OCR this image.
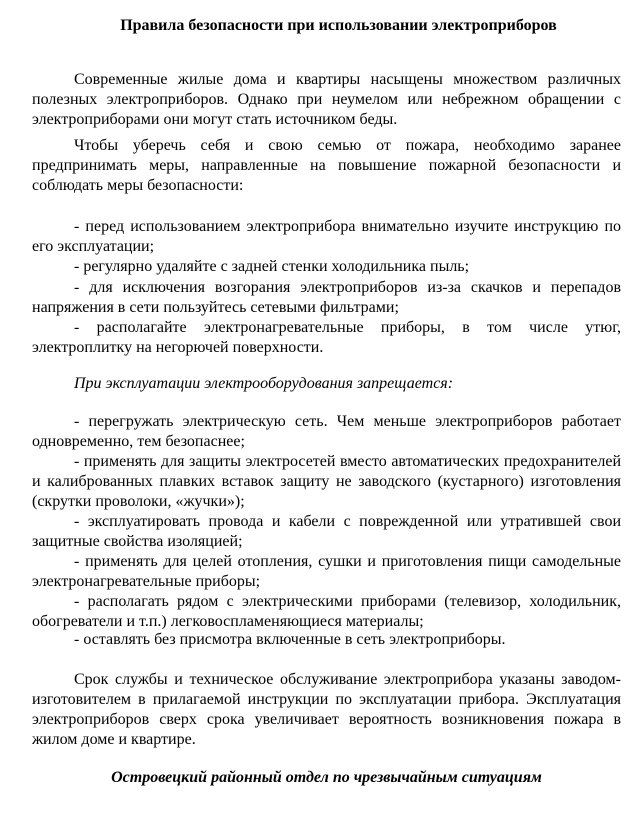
Правила безопасности при использовании электроприборов

Современные жилые дома и квартиры насыщены множеством различных полезных электроприборов. Однако при неумелом или небрежном обращении с электроприборами они могут стать источником беды.

Чтобы уберечь себя и свою семью от пожара, необходимо заранее предпринимать меры, направленные на повышение пожарной безопасности и соблюдать меры безопасности:

- перед использованием электроприбора внимательно изучите инструкцию по его эксплуатации;

- регулярно удаляйте с задней стенки холодильника пыль;

- для исключения возгорания электроприборов из-за скачков и перепадов напряжения в сети пользуйтесь сетевыми фильтрами;

- располагайте электронагревательные приборы, в том числе утюг, электроплитку на негорючей поверхности.

При эксплуатации электрооборудования запрещается:

- перегружать электрическую сеть. Чем меньше электроприборов работает одновременно, тем безопаснее;

- применять для защиты электросетей вместо автоматических предохранителей и калиброванных плавких вставок защиту не заводского (кустарного) изготовления (скрутки проволоки, «жучки»);

- эксплуатировать провода и кабели с поврежденной или утратившей свои защитные свойства изоляцией;

- применять для целей отопления, сушки и приготовления пищи самодельные электронагревательные приборы;

- располагать рядом с электрическими приборами (телевизор, холодильник, обогреватели и т.п.) легковоспламеняющиеся материалы;

- оставлять без присмотра включенные в сеть электроприборы.

Срок службы и техническое обслуживание электроприбора указаны заводом-изготовителем в прилагаемой инструкции по эксплуатации прибора. Эксплуатация электроприборов сверх срока увеличивает вероятность возникновения пожара в жилом доме и квартире.

Островецкий районный отдел по чрезвычайным ситуациям
